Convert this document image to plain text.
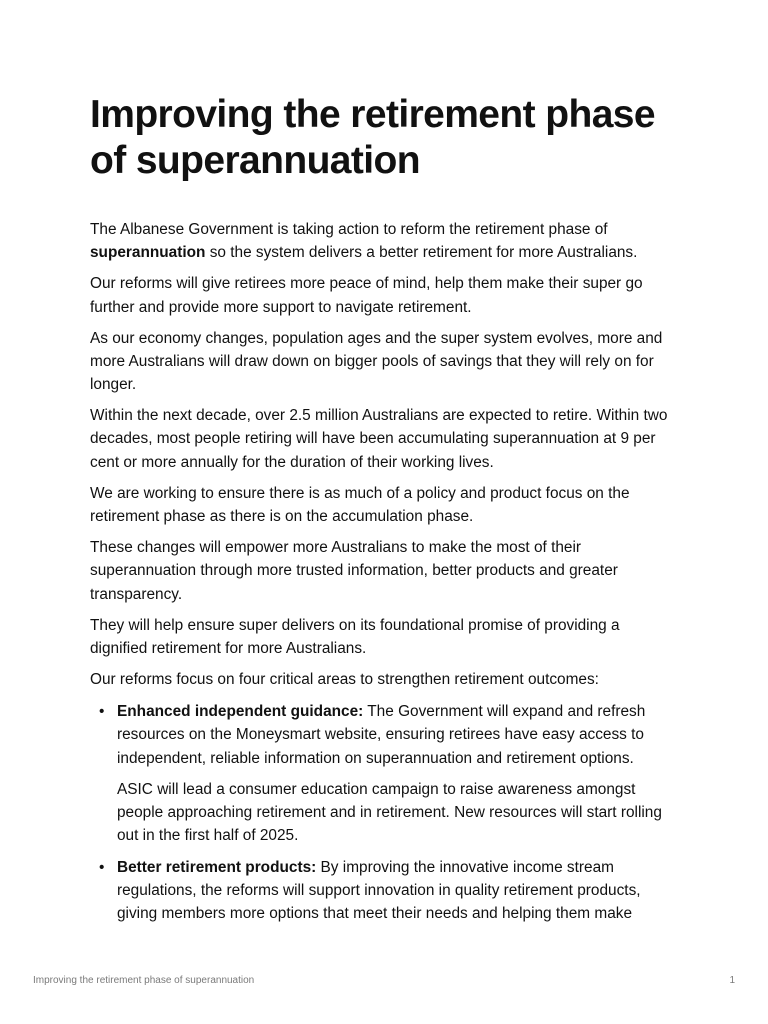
Improving the retirement phase of superannuation

The Albanese Government is taking action to reform the retirement phase of superannuation so the system delivers a better retirement for more Australians.

Our reforms will give retirees more peace of mind, help them make their super go further and provide more support to navigate retirement.

As our economy changes, population ages and the super system evolves, more and more Australians will draw down on bigger pools of savings that they will rely on for longer.

Within the next decade, over 2.5 million Australians are expected to retire. Within two decades, most people retiring will have been accumulating superannuation at 9 per cent or more annually for the duration of their working lives.

We are working to ensure there is as much of a policy and product focus on the retirement phase as there is on the accumulation phase.

These changes will empower more Australians to make the most of their superannuation through more trusted information, better products and greater transparency.

They will help ensure super delivers on its foundational promise of providing a dignified retirement for more Australians.

Our reforms focus on four critical areas to strengthen retirement outcomes:

• Enhanced independent guidance: The Government will expand and refresh resources on the Moneysmart website, ensuring retirees have easy access to independent, reliable information on superannuation and retirement options.

ASIC will lead a consumer education campaign to raise awareness amongst people approaching retirement and in retirement. New resources will start rolling out in the first half of 2025.

• Better retirement products: By improving the innovative income stream regulations, the reforms will support innovation in quality retirement products, giving members more options that meet their needs and helping them make

Improving the retirement phase of superannuation	1
